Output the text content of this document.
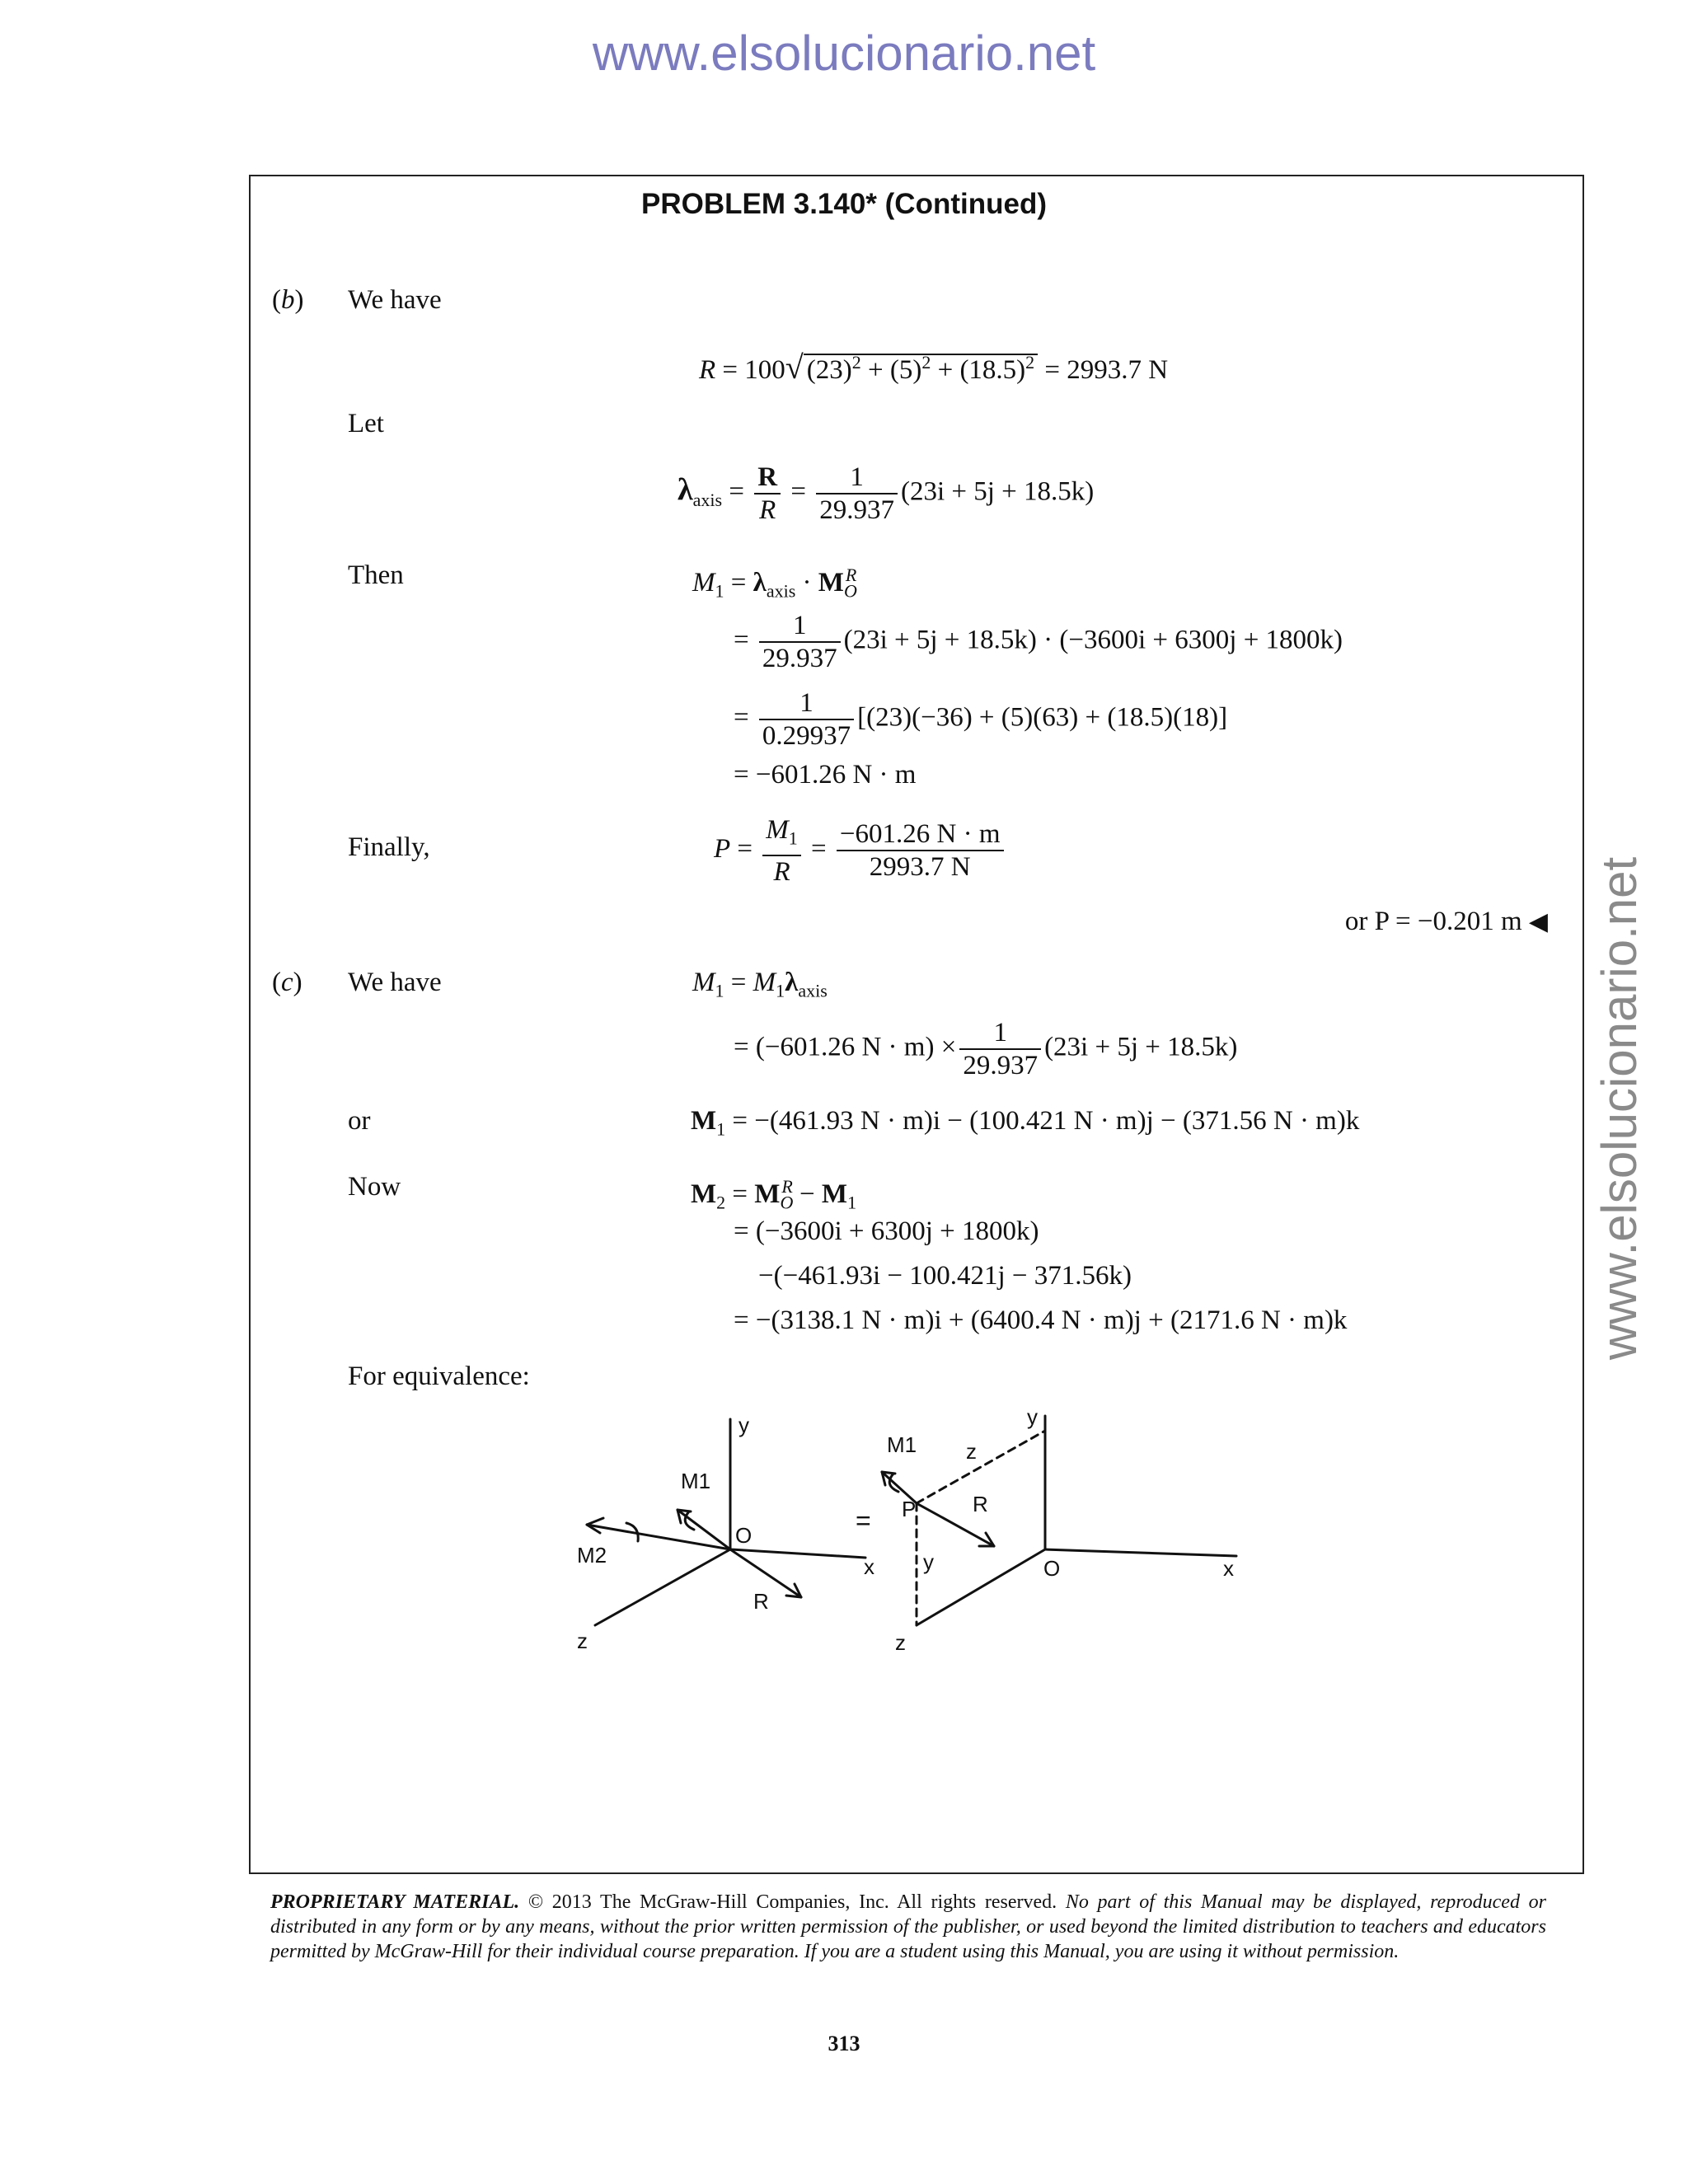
www.elsolucionario.net
www.elsolucionario.net
PROBLEM 3.140* (Continued)
(b) We have
R = 100√ $(23)^2 + (5)^2 + (18.5)^2 = 2993.7$ N
Let
$\lambda_{axis} = \frac{R}{R} = \frac{1}{29.937} (23i + 5j + 18.5k)$
Then	$M_1 = \lambda_{axis} \cdot M_O^R$
= $\frac{1}{29.937} (23i + 5j + 18.5k) \cdot (-3600i + 6300j + 1800k)$
= $\frac{1}{0.29937} [(23)(-36) + (5)(63) + (18.5)(18)]$
= −601.26 N · m
Finally,	$P = \frac{M_1}{R} = \frac{-601.26 N \cdot m}{2993.7 N}$
or P = −0.201 m ◀
(c) We have	$M_1 = M_1\lambda_{axis}$
= (−601.26 $N \cdot m) \times \frac{1}{29.937} (23i + 5j + 18.5k)$
or	$M_1 = -(461.93$ N · m)i − (100.421 N · m)j − (371.56 N · m)k
Now	$M_2 = M_O^R - M_1$
= (−3600i + 6300j + 1800k)
−(−461.93i − 100.421j − 371.56k)
= −(3138.1 N · m)i + (6400.4 N · m)j + (2171.6 N · m)k
For equivalence:
y
x
z
O
M1
M2
R
=
y
x
z
O
M1
R
P
y
z
PROPRIETARY MATERIAL. © 2013 The McGraw-Hill Companies, Inc. All rights reserved. No part of this Manual may be displayed, reproduced or distributed in any form or by any means, without the prior written permission of the publisher, or used beyond the limited distribution to teachers and educators permitted by McGraw-Hill for their individual course preparation. If you are a student using this Manual, you are using it without permission.
313
